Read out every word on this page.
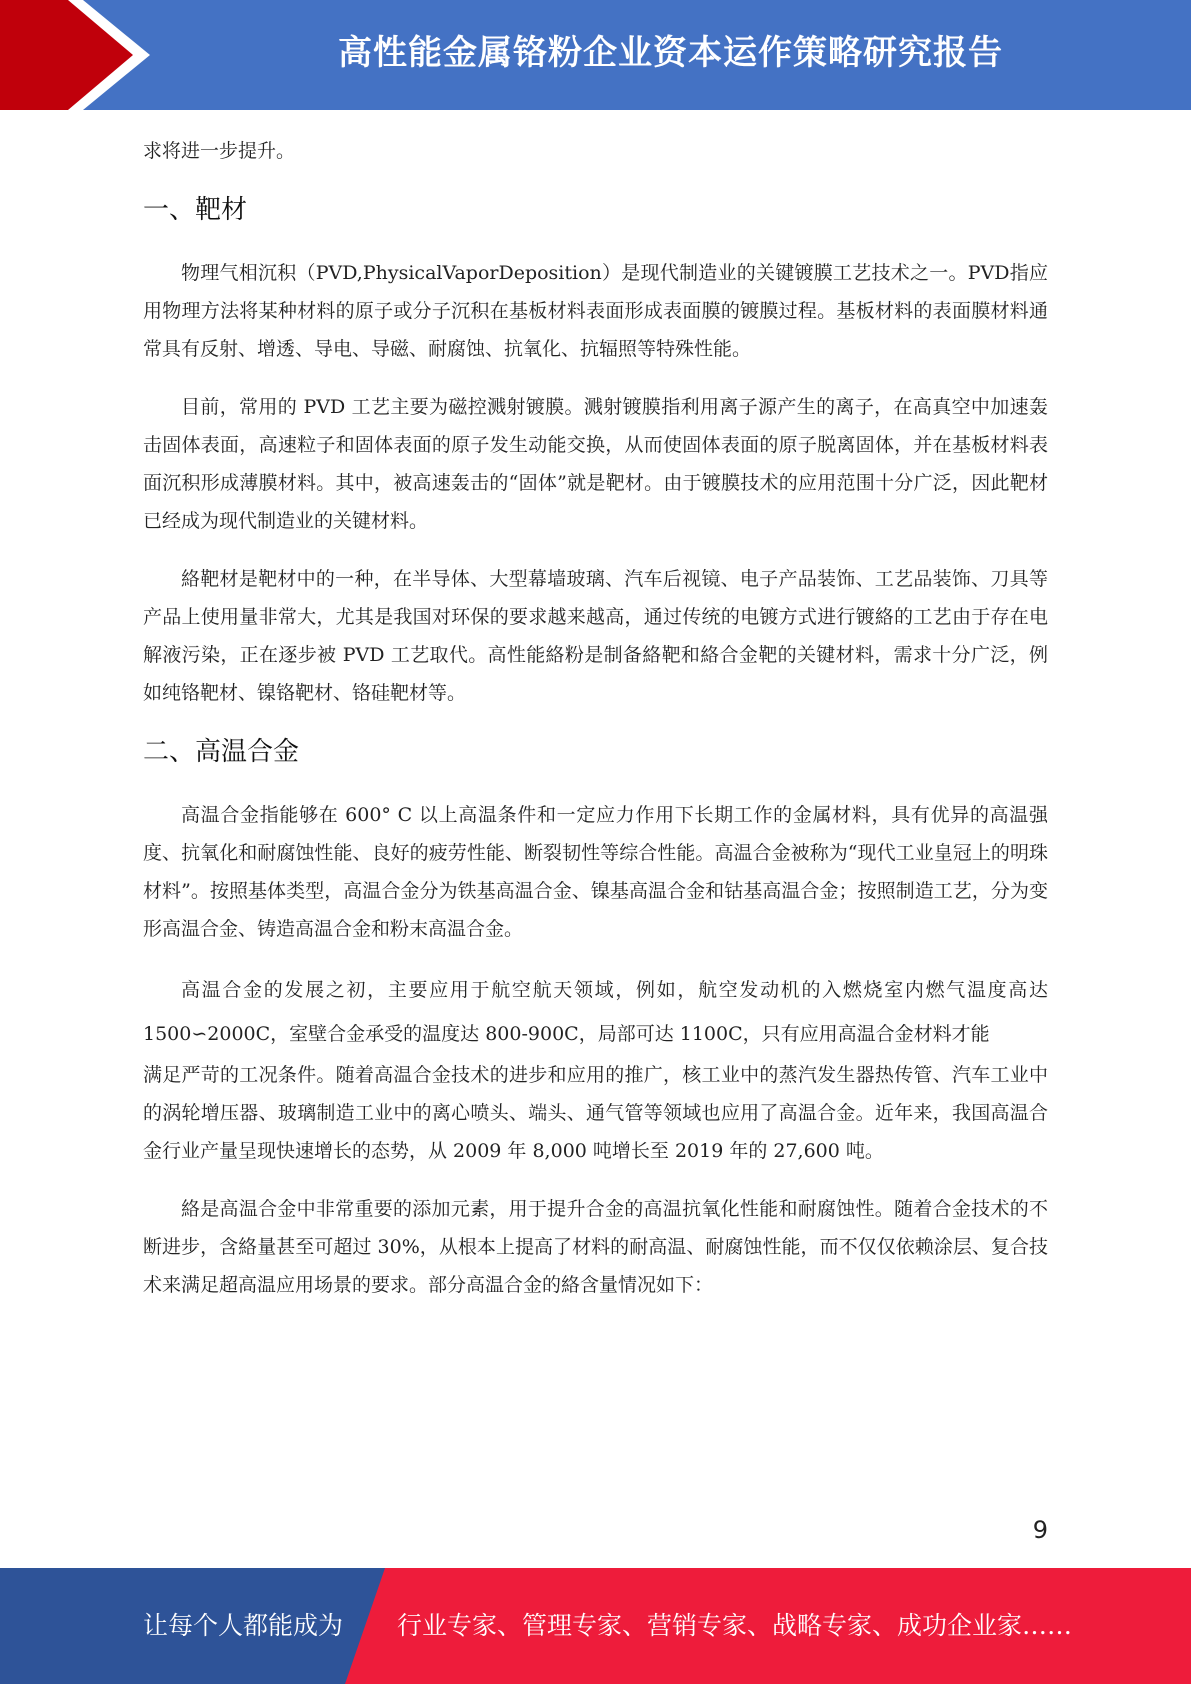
高性能金属铬粉企业资本运作策略研究报告

求将进一步提升。

一、靶材

物理气相沉积（PVD,PhysicalVaporDeposition）是现代制造业的关键镀膜工艺技术之一。PVD指应用物理方法将某种材料的原子或分子沉积在基板材料表面形成表面膜的镀膜过程。基板材料的表面膜材料通常具有反射、增透、导电、导磁、耐腐蚀、抗氧化、抗辐照等特殊性能。

目前，常用的 PVD 工艺主要为磁控溅射镀膜。溅射镀膜指利用离子源产生的离子，在高真空中加速轰击固体表面，高速粒子和固体表面的原子发生动能交换，从而使固体表面的原子脱离固体，并在基板材料表面沉积形成薄膜材料。其中，被高速轰击的“固体”就是靶材。由于镀膜技术的应用范围十分广泛，因此靶材已经成为现代制造业的关键材料。

絡靶材是靶材中的一种，在半导体、大型幕墙玻璃、汽车后视镜、电子产品装饰、工艺品装饰、刀具等产品上使用量非常大，尤其是我国对环保的要求越来越高，通过传统的电镀方式进行镀絡的工艺由于存在电解液污染，正在逐步被 PVD 工艺取代。高性能絡粉是制备絡靶和絡合金靶的关键材料，需求十分广泛，例如纯铬靶材、镍铬靶材、铬硅靶材等。

二、高温合金

高温合金指能够在 600° C 以上高温条件和一定应力作用下长期工作的金属材料，具有优异的高温强度、抗氧化和耐腐蚀性能、良好的疲劳性能、断裂韧性等综合性能。高温合金被称为“现代工业皇冠上的明珠材料”。按照基体类型，高温合金分为铁基高温合金、镍基高温合金和钴基高温合金；按照制造工艺，分为变形高温合金、铸造高温合金和粉末高温合金。

高温合金的发展之初，主要应用于航空航天领域，例如，航空发动机的入燃烧室内燃气温度高达 1500∽2000C，室壁合金承受的温度达 800-900C，局部可达 1100C，只有应用高温合金材料才能

满足严苛的工况条件。随着高温合金技术的进步和应用的推广，核工业中的蒸汽发生器热传管、汽车工业中的涡轮增压器、玻璃制造工业中的离心喷头、端头、通气管等领域也应用了高温合金。近年来，我国高温合金行业产量呈现快速增长的态势，从 2009 年 8,000 吨增长至 2019 年的 27,600 吨。

絡是高温合金中非常重要的添加元素，用于提升合金的高温抗氧化性能和耐腐蚀性。随着合金技术的不断进步，含絡量甚至可超过 30%，从根本上提高了材料的耐高温、耐腐蚀性能，而不仅仅依赖涂层、复合技术来满足超高温应用场景的要求。部分高温合金的絡含量情况如下：

9
让每个人都能成为 行业专家、管理专家、营销专家、战略专家、成功企业家……
